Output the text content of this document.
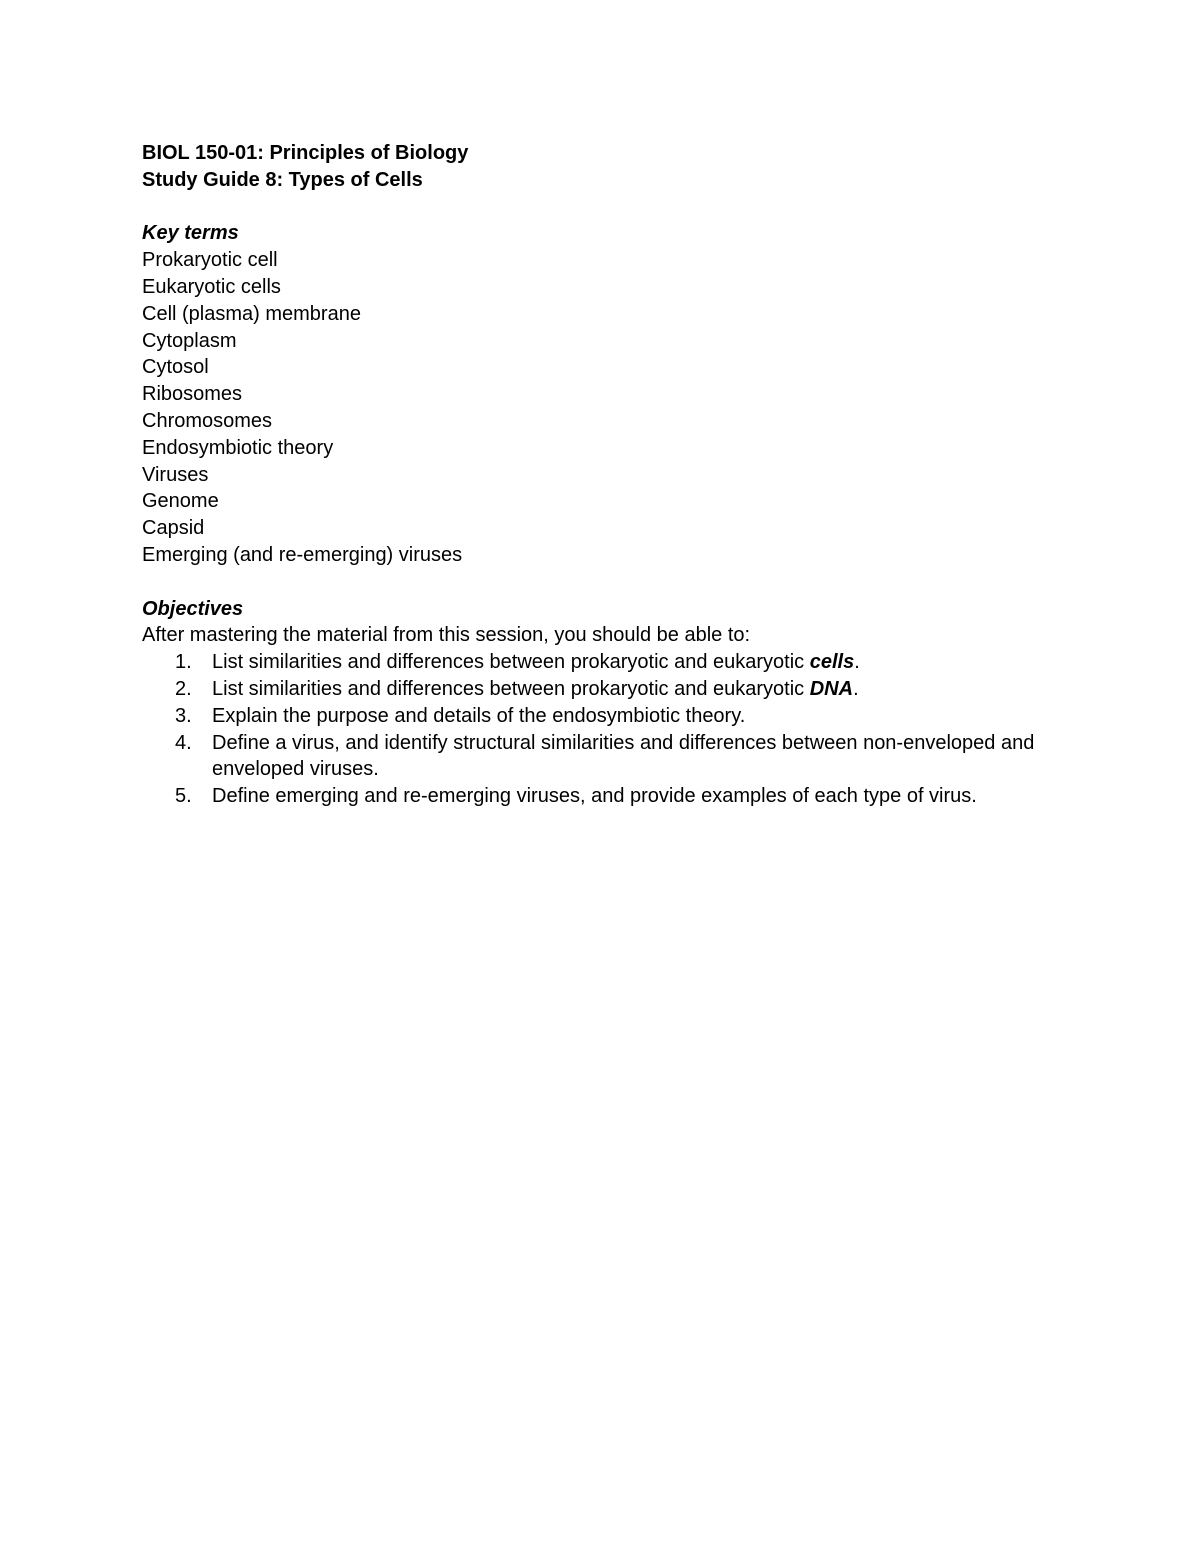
BIOL 150-01: Principles of Biology
Study Guide 8: Types of Cells
Key terms
Prokaryotic cell
Eukaryotic cells
Cell (plasma) membrane
Cytoplasm
Cytosol
Ribosomes
Chromosomes
Endosymbiotic theory
Viruses
Genome
Capsid
Emerging (and re-emerging) viruses
Objectives
After mastering the material from this session, you should be able to:
1. List similarities and differences between prokaryotic and eukaryotic cells.
2. List similarities and differences between prokaryotic and eukaryotic DNA.
3. Explain the purpose and details of the endosymbiotic theory.
4. Define a virus, and identify structural similarities and differences between non-enveloped and enveloped viruses.
5. Define emerging and re-emerging viruses, and provide examples of each type of virus.
